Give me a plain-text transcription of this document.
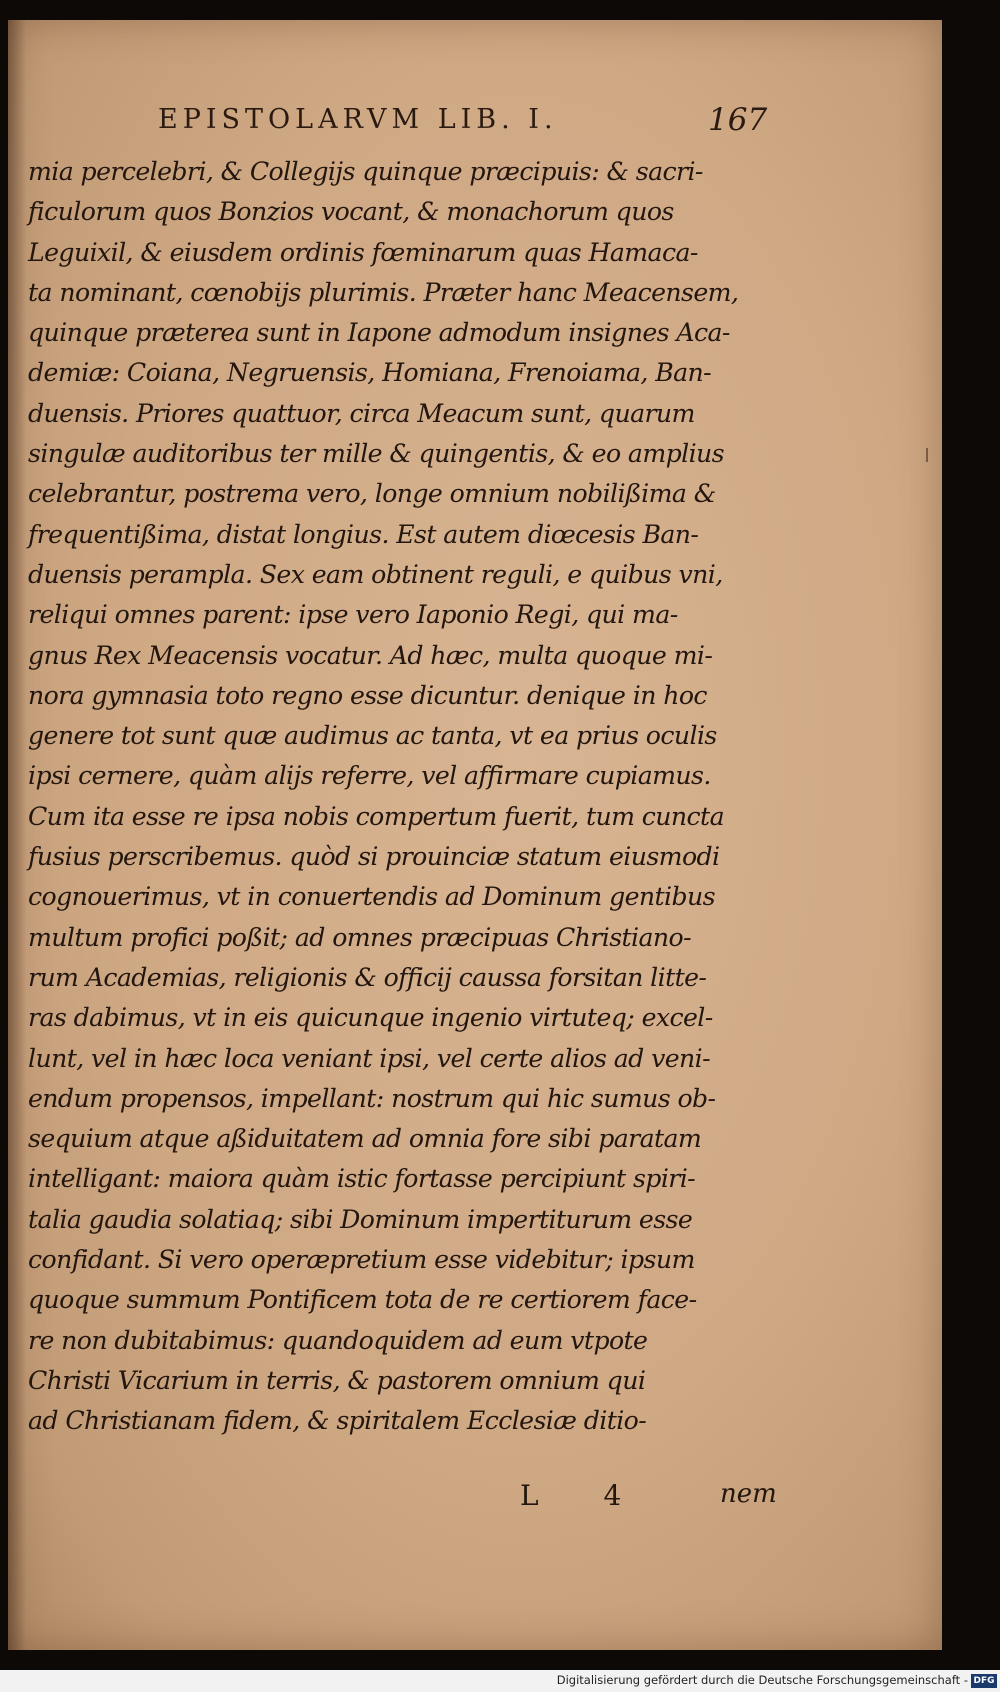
EPISTOLARVM LIB. I.	167
mia percelebri, & Collegijs quinque præcipuis: & sacri-
ficulorum quos Bonzios vocant, & monachorum quos
Leguixil, & eiusdem ordinis fœminarum quas Hamaca-
ta nominant, cœnobijs plurimis. Præter hanc Meacensem,
quinque præterea sunt in Iapone admodum insignes Aca-
demiæ: Coiana, Negruensis, Homiana, Frenoiama, Ban-
duensis. Priores quattuor, circa Meacum sunt, quarum
singulæ auditoribus ter mille & quingentis, & eo amplius
celebrantur, postrema vero, longe omnium nobilißima &
frequentißima, distat longius. Est autem diœcesis Ban-
duensis perampla. Sex eam obtinent reguli, e quibus vni,
reliqui omnes parent: ipse vero Iaponio Regi, qui ma-
gnus Rex Meacensis vocatur. Ad hæc, multa quoque mi-
nora gymnasia toto regno esse dicuntur. denique in hoc
genere tot sunt quæ audimus ac tanta, vt ea prius oculis
ipsi cernere, quàm alijs referre, vel affirmare cupiamus.
Cum ita esse re ipsa nobis compertum fuerit, tum cuncta
fusius perscribemus. quòd si prouinciæ statum eiusmodi
cognouerimus, vt in conuertendis ad Dominum gentibus
multum profici poßit; ad omnes præcipuas Christiano-
rum Academias, religionis & officij caussa forsitan litte-
ras dabimus, vt in eis quicunque ingenio virtuteq; excel-
lunt, vel in hæc loca veniant ipsi, vel certe alios ad veni-
endum propensos, impellant: nostrum qui hic sumus ob-
sequium atque aßiduitatem ad omnia fore sibi paratam
intelligant: maiora quàm istic fortasse percipiunt spiri-
talia gaudia solatiaq; sibi Dominum impertiturum esse
confidant. Si vero operæpretium esse videbitur; ipsum
quoque summum Pontificem tota de re certiorem face-
re non dubitabimus: quandoquidem ad eum vtpote
Christi Vicarium in terris, & pastorem omnium qui
ad Christianam fidem, & spiritalem Ecclesiæ ditio-
L 4	nem
Digitalisierung gefördert durch die Deutsche Forschungsgemeinschaft - DFG
